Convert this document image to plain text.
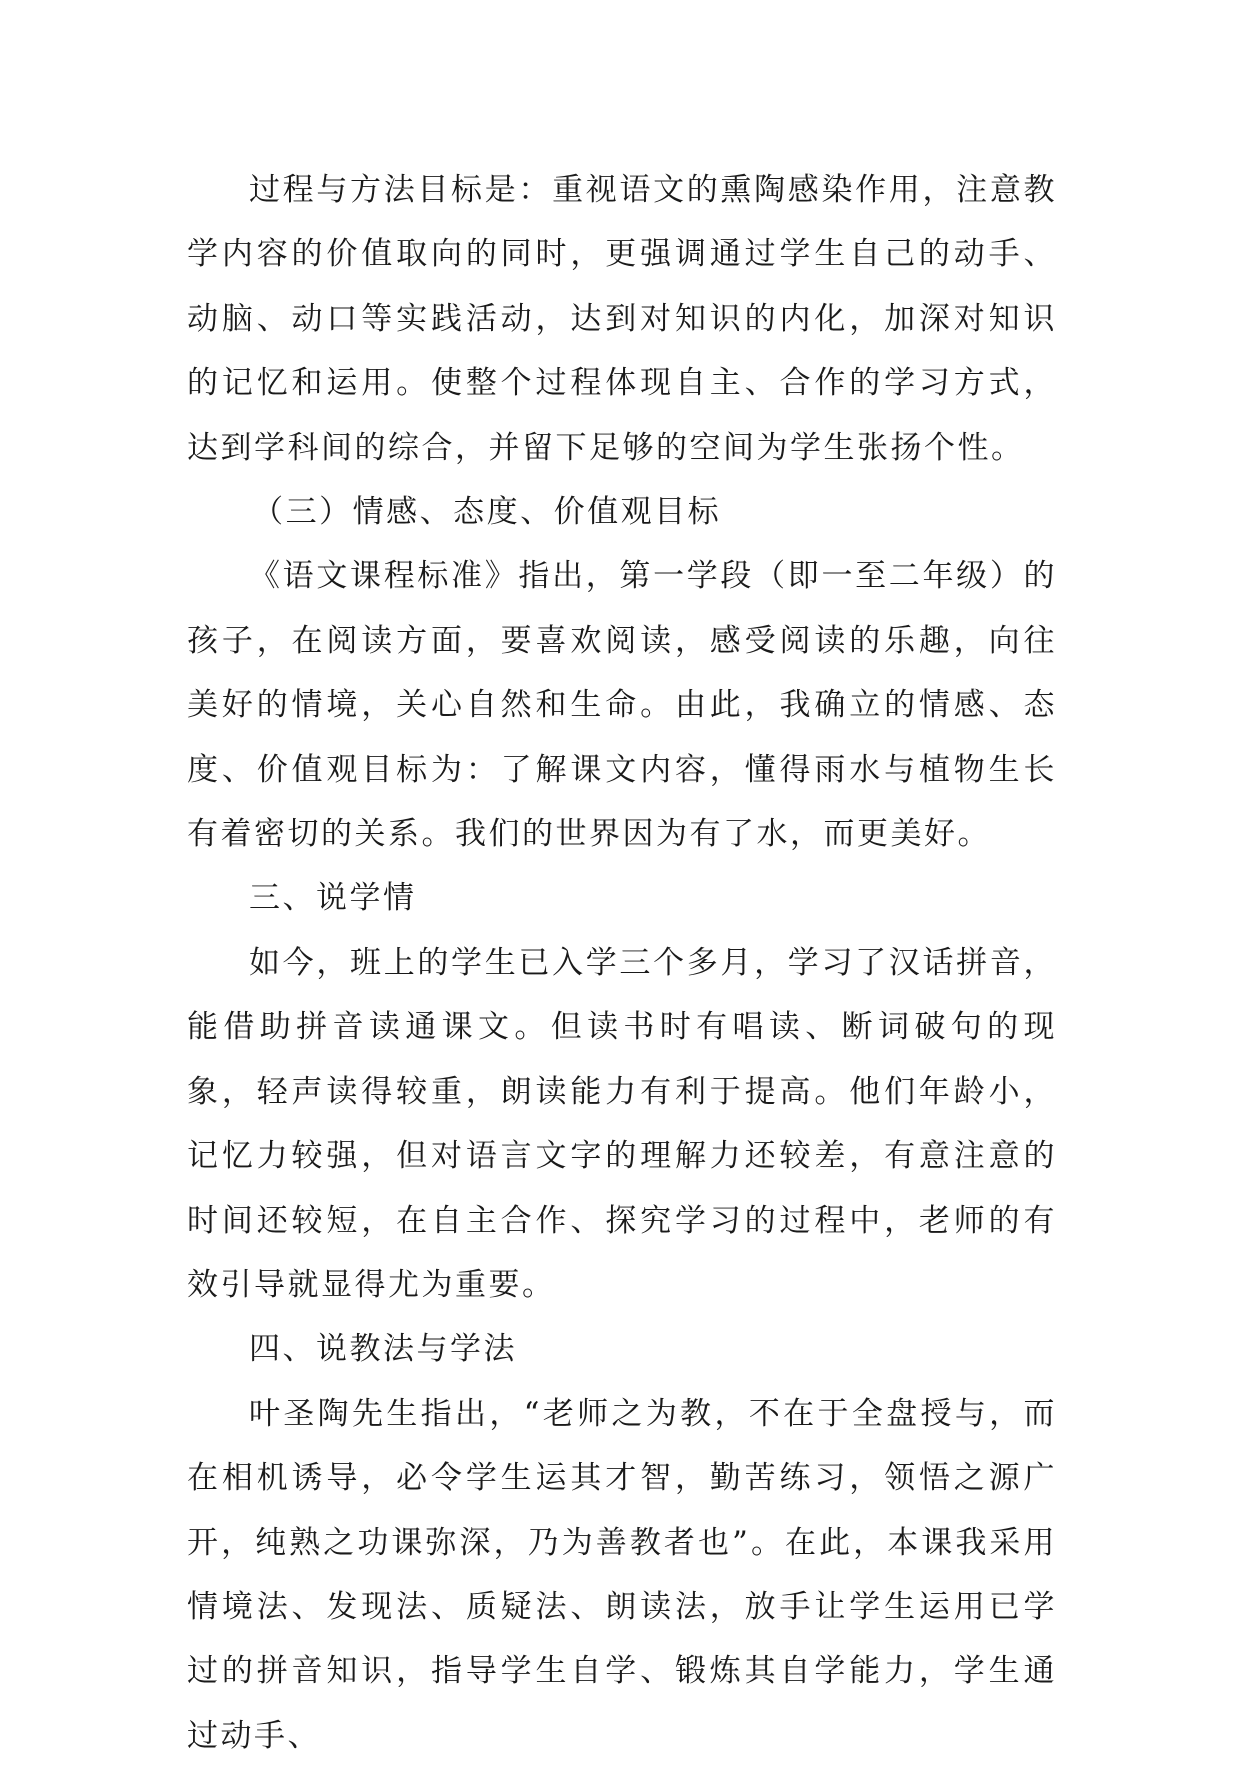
过程与方法目标是：重视语文的熏陶感染作用，注意教学内容的价值取向的同时，更强调通过学生自己的动手、动脑、动口等实践活动，达到对知识的内化，加深对知识的记忆和运用。使整个过程体现自主、合作的学习方式，达到学科间的综合，并留下足够的空间为学生张扬个性。

（三）情感、态度、价值观目标

《语文课程标准》指出，第一学段（即一至二年级）的孩子，在阅读方面，要喜欢阅读，感受阅读的乐趣，向往美好的情境，关心自然和生命。由此，我确立的情感、态度、价值观目标为：了解课文内容，懂得雨水与植物生长有着密切的关系。我们的世界因为有了水，而更美好。

三、说学情

如今，班上的学生已入学三个多月，学习了汉话拼音，能借助拼音读通课文。但读书时有唱读、断词破句的现象，轻声读得较重，朗读能力有利于提高。他们年龄小，记忆力较强，但对语言文字的理解力还较差，有意注意的时间还较短，在自主合作、探究学习的过程中，老师的有效引导就显得尤为重要。

四、说教法与学法

叶圣陶先生指出，“老师之为教，不在于全盘授与，而在相机诱导，必令学生运其才智，勤苦练习，领悟之源广开，纯熟之功课弥深，乃为善教者也”。在此，本课我采用情境法、发现法、质疑法、朗读法，放手让学生运用已学过的拼音知识，指导学生自学、锻炼其自学能力，学生通过动手、
